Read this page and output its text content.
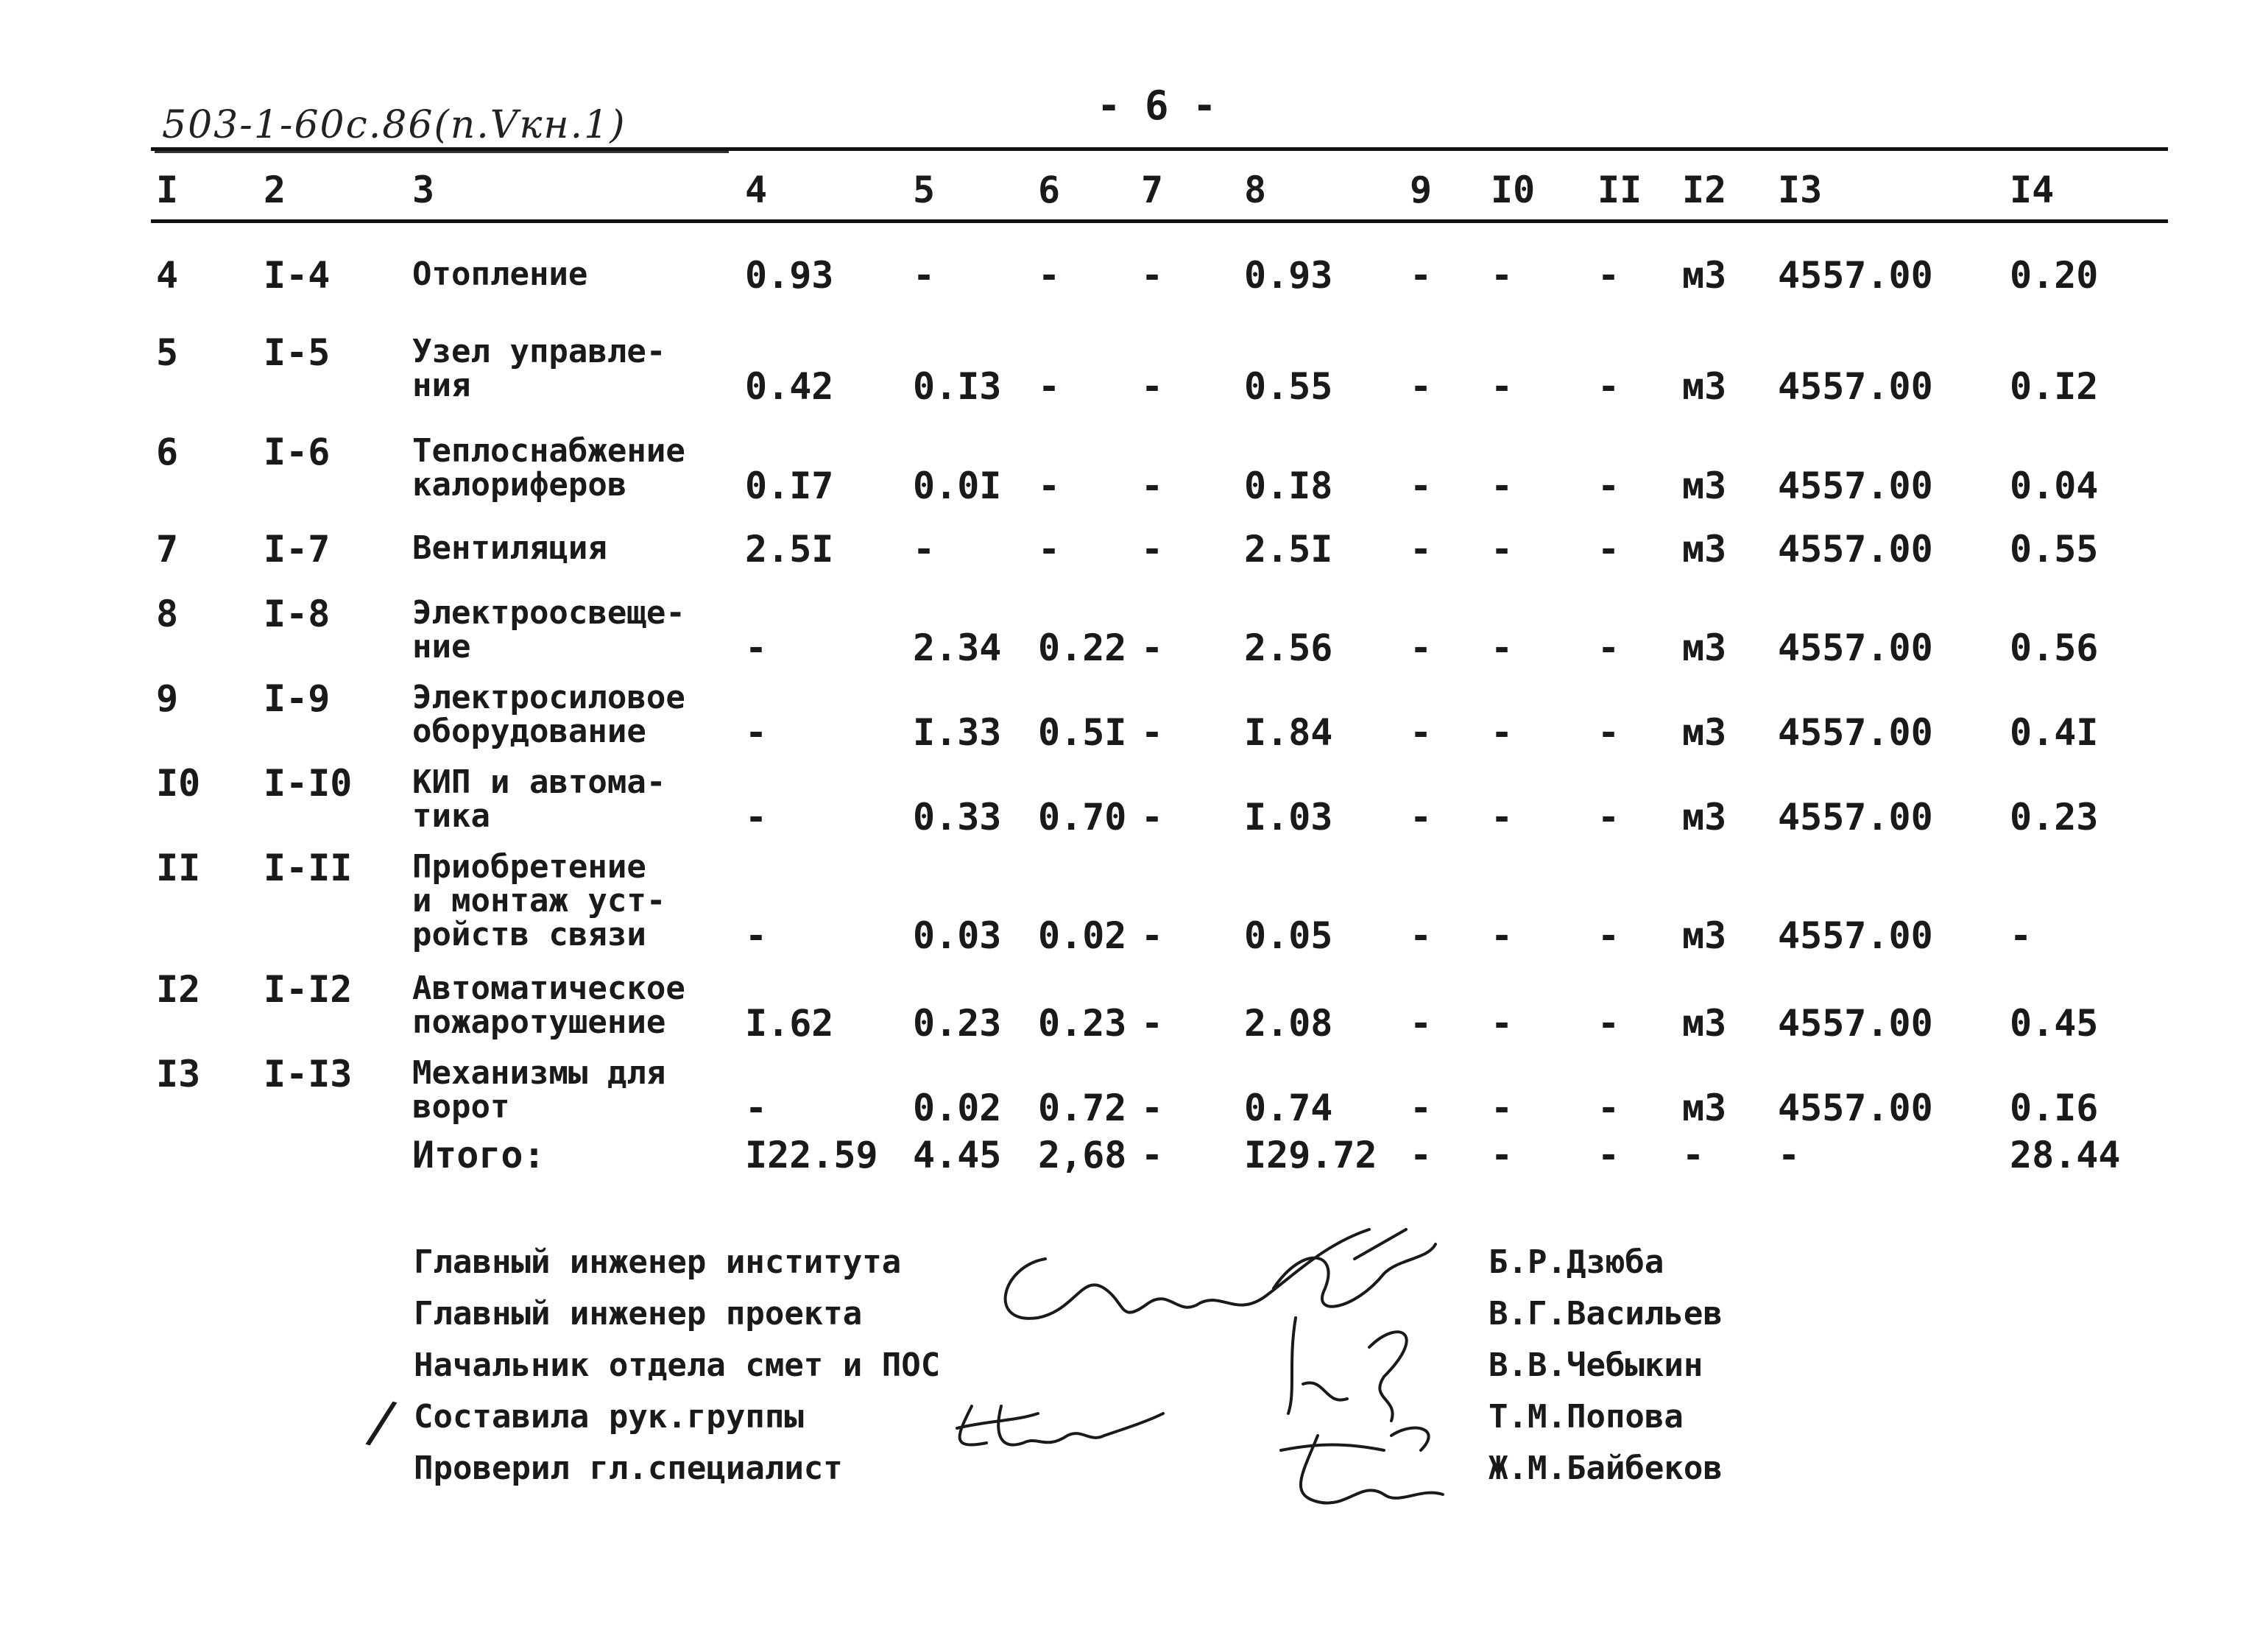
503-1-60с.86(п.Vкн.1)	- 6 -
I 2	3	4	5	6 7 8	9 I0 II I2 I3	I4
4 I-4	Отопление	0.93 -	- - 0.93 - - - м3 4557.00 0.20
5 I-5	Узел управле-
ния	0.42 0.I3 - - 0.55 - - - м3 4557.00 0.I2
6 I-6	Теплоснабжение
калориферов	0.I7 0.0I - - 0.I8 - - - м3 4557.00 0.04
7 I-7	Вентиляция	2.5I -	- - 2.5I - - - м3 4557.00 0.55
8 I-8	Электроосвеще-
ние	-	2.34 0.22 - 2.56 - - - м3 4557.00 0.56
9 I-9	Электросиловое
оборудование	-	I.33 0.5I - I.84 - - - м3 4557.00 0.4I
I0 I-I0 КИП и автома-
тика	-	0.33 0.70 - I.03 - - - м3 4557.00 0.23
II I-II Приобретение
и монтаж уст-
ройств связи	-	0.03 0.02 - 0.05 - - - м3 4557.00 -
I2 I-I2 Автоматическое
пожаротушение	I.62 0.23 0.23 - 2.08 - - - м3 4557.00 0.45
I3 I-I3 Механизмы для
ворот	-	0.02 0.72 - 0.74 - - - м3 4557.00 0.I6
Итого:	I22.59 4.45 2,68 - I29.72 - - - - -	28.44
Главный инженер института	Б.Р.Дзюба
Главный инженер проекта	В.Г.Васильев
Начальник отдела смет и ПОС	В.В.Чебыкин
Составила рук.группы	Т.М.Попова
Проверил гл.специалист	Ж.М.Байбеков
/
